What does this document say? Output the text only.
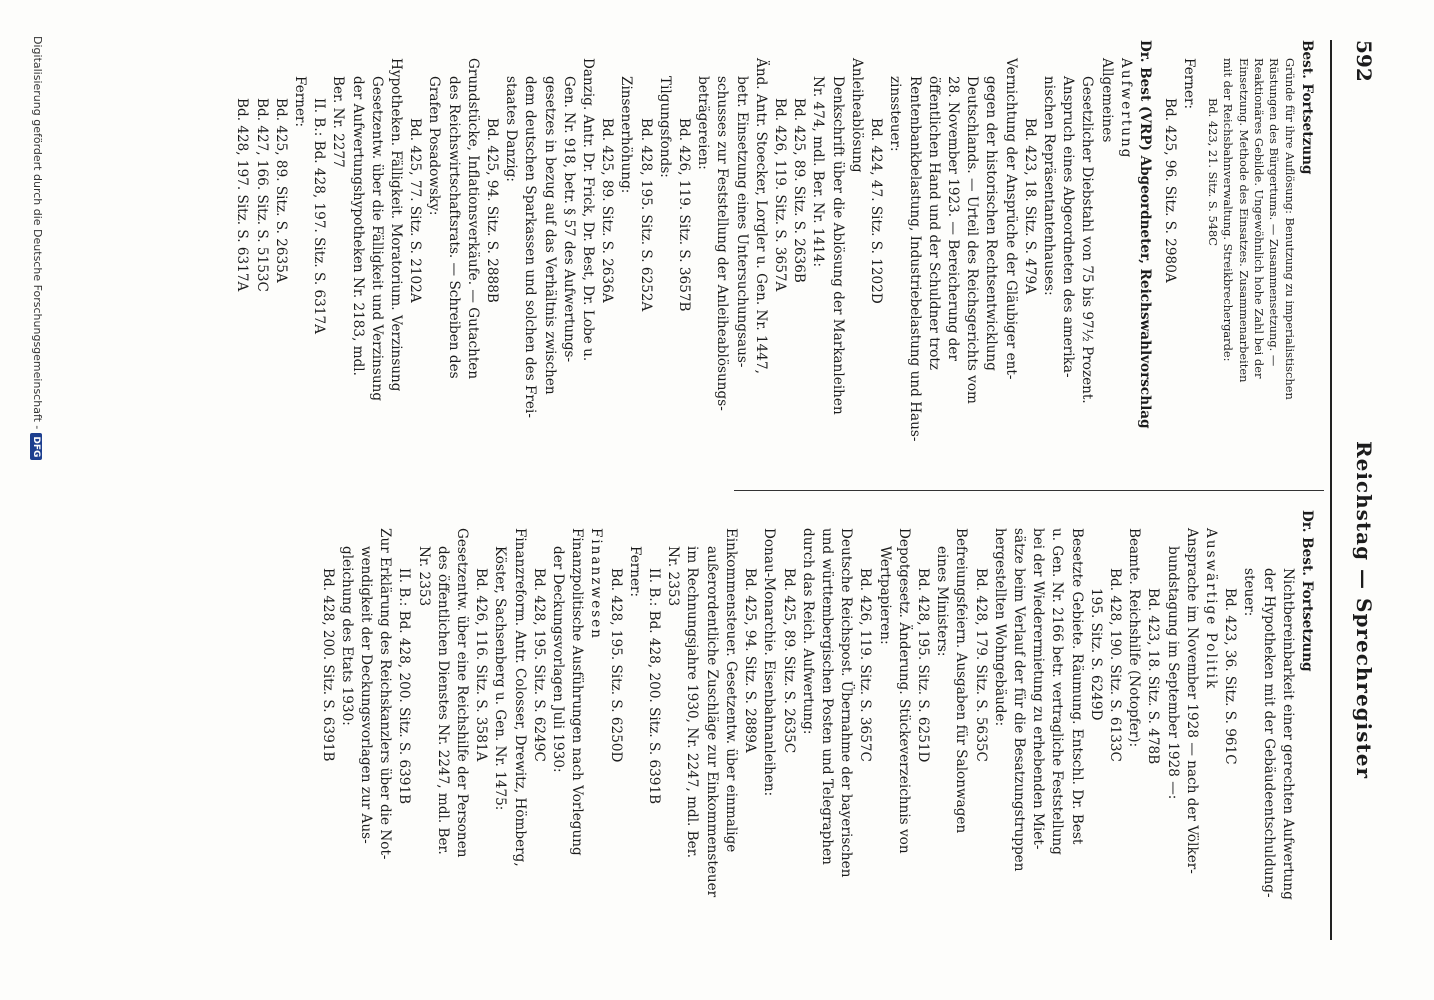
592
Reichstag — Sprechregister
Best. Fortsetzung
Gründe für ihre Auflösung: Benutzung zu imperialistischen
Rüstungen des Bürgertums. — Zusammensetzung. —
Reaktionäres Gebilde. Ungewöhnlich hohe Zahl bei der
Einsetzung. Methode des Einsatzes. Zusammenarbeiten
mit der Reichsbahnverwaltung. Streikbrechergarde:
Bd. 423, 21. Sitz. S. 548C
Ferner:
Bd. 425, 96. Sitz. S. 2980A
Dr. Best (VRP) Abgeordneter, Reichswahlvorschlag
Aufwertung
Allgemeines
Gesetzlicher Diebstahl von 75 bis 97½ Prozent.
Anspruch eines Abgeordneten des amerika-
nischen Repräsentantenhauses:
Bd. 423, 18. Sitz. S. 479A
Vernichtung der Ansprüche der Gläubiger ent-
gegen der historischen Rechtsentwicklung
Deutschlands. — Urteil des Reichsgerichts vom
28. November 1923. — Bereicherung der
öffentlichen Hand und der Schuldner trotz
Rentenbankbelastung, Industriebelastung und Haus-
zinssteuer:
Bd. 424, 47. Sitz. S. 1202D
Anleiheablösung
Denkschrift über die Ablösung der Markanleihen
Nr. 474, mdl. Ber. Nr. 1414:
Bd. 425, 89. Sitz. S. 2636B
Bd. 426, 119. Sitz. S. 3657A
Änd. Antr. Stoecker, Lorgler u. Gen. Nr. 1447,
betr. Einsetzung eines Untersuchungsaus-
schusses zur Feststellung der Anleiheablösungs-
beträgereien:
Bd. 426, 119. Sitz. S. 3657B
Tilgungsfonds:
Bd. 428, 195. Sitz. S. 6252A
Zinsenerhöhung:
Bd. 425, 89. Sitz. S. 2636A
Danzig. Antr. Dr. Frick, Dr. Best, Dr. Lobe u.
Gen. Nr. 918, betr. § 57 des Aufwertungs-
gesetzes in bezug auf das Verhältnis zwischen
dem deutschen Sparkassen und solchen des Frei-
staates Danzig:
Bd. 425, 94. Sitz. S. 2888B
Grundstücke, Inflationsverkäufe. — Gutachten
des Reichswirtschaftsrats. — Schreiben des
Grafen Posadowsky:
Bd. 425, 77. Sitz. S. 2102A
Hypotheken. Fälligkeit. Moratorium. Verzinsung
Gesetzentw. über die Fälligkeit und Verzinsung
der Aufwertungshypotheken Nr. 2183, mdl.
Ber. Nr. 2277
II. B.: Bd. 428, 197. Sitz. S. 6317A
Ferner:
Bd. 425, 89. Sitz. S. 2635A
Bd. 427, 166. Sitz. S. 5153C
Bd. 428, 197. Sitz. S. 6317A
Dr. Best. Fortsetzung
Nichtbereinbarkeit einer gerechten Aufwertung
der Hypotheken mit der Gebäudeentschuldung-
steuer:
Bd. 423, 36. Sitz. S. 961C
Auswärtige Politik
Ansprache im November 1928 — nach der Völker-
bundstagung im September 1928 —:
Bd. 423, 18. Sitz. S. 478B
Beamte. Reichshilfe (Notopfer):
Bd. 428, 190. Sitz. S. 6133C
195. Sitz. S. 6249D
Besetzte Gebiete. Räumung. Entschl. Dr. Best
u. Gen. Nr. 2166 betr. vertragliche Feststellung
bei der Wiederermietung zu erhebenden Miet-
sätze beim Verlauf der für die Besatzungstruppen
hergestellten Wohngebäude:
Bd. 428, 179. Sitz. S. 5635C
Befreiungsfeiern. Ausgaben für Salonwagen
eines Ministers:
Bd. 428, 195. Sitz. S. 6251D
Depotgesetz. Änderung. Stückeverzeichnis von
Wertpapieren:
Bd. 426, 119. Sitz. S. 3657C
Deutsche Reichspost. Übernahme der bayerischen
und württembergischen Posten und Telegraphen
durch das Reich. Aufwertung:
Bd. 425, 89. Sitz. S. 2635C
Donau-Monarchie. Eisenbahnanleihen:
Bd. 425, 94. Sitz. S. 2889A
Einkommensteuer. Gesetzentw. über einmalige
außerordentliche Zuschläge zur Einkommensteuer
im Rechnungsjahre 1930, Nr. 2247, mdl. Ber.
Nr. 2353
II. B.: Bd. 428, 200. Sitz. S. 6391B
Ferner:
Bd. 428, 195. Sitz. S. 6250D
Finanzwesen
Finanzpolitische Ausführungen nach Vorlegung
der Deckungsvorlagen Juli 1930:
Bd. 428, 195. Sitz. S. 6249C
Finanzreform. Antr. Colosser, Drewitz, Hömberg,
Köster, Sachsenberg u. Gen. Nr. 1475:
Bd. 426, 116. Sitz. S. 3581A
Gesetzentw. über eine Reichshilfe der Personen
des öffentlichen Dienstes Nr. 2247, mdl. Ber.
Nr. 2353
II. B.: Bd. 428, 200. Sitz. S. 6391B
Zur Erklärung des Reichskanzlers über die Not-
wendigkeit der Deckungsvorlagen zur Aus-
gleichung des Etats 1930:
Bd. 428, 200. Sitz. S. 6391B
Digitalisierung gefördert durch die Deutsche Forschungsgemeinschaft -DFG
